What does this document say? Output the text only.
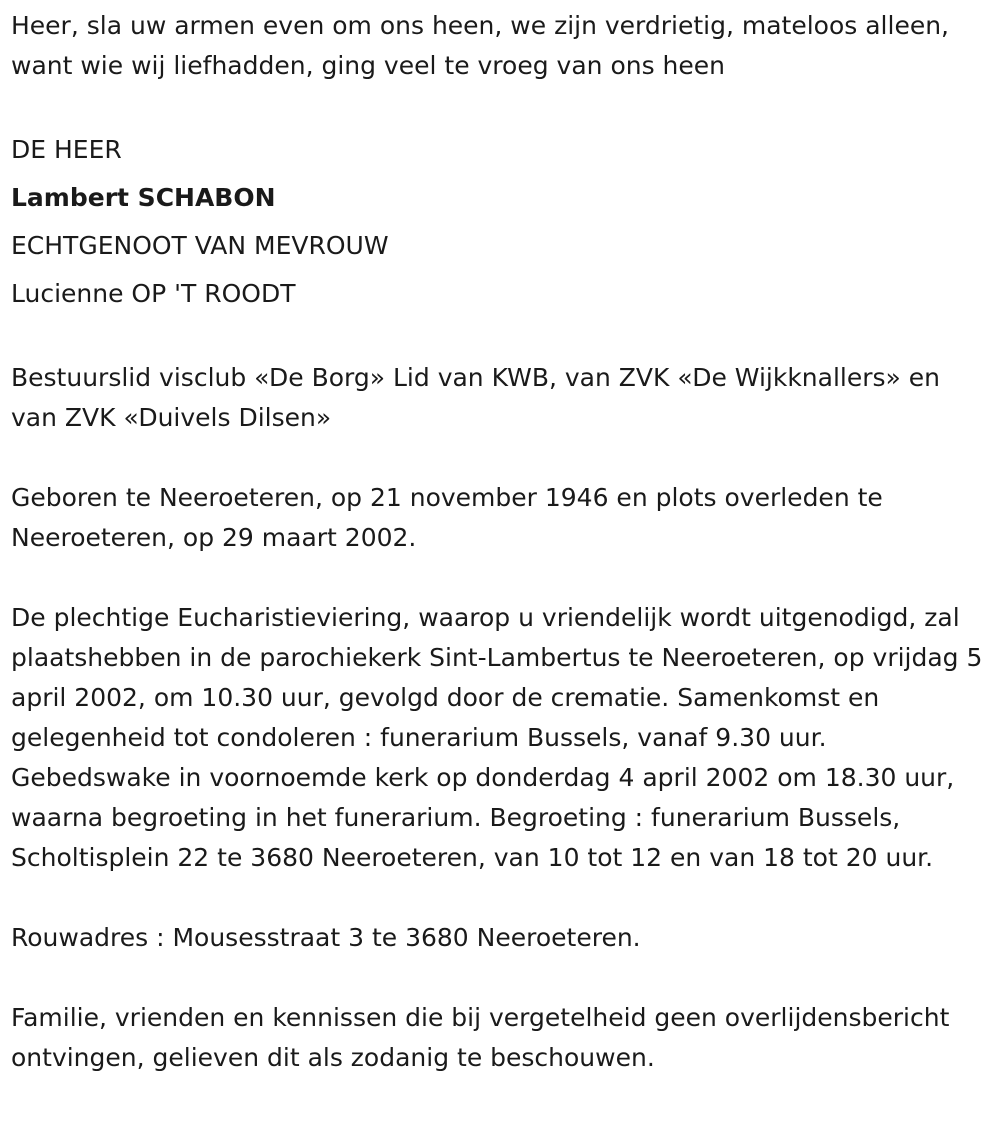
Heer, sla uw armen even om ons heen, we zijn verdrietig, mateloos alleen, want wie wij liefhadden, ging veel te vroeg van ons heen

DE HEER
Lambert SCHABON
ECHTGENOOT VAN MEVROUW
Lucienne OP 'T ROODT

Bestuurslid visclub «De Borg» Lid van KWB, van ZVK «De Wijkknallers» en van ZVK «Duivels Dilsen»

Geboren te Neeroeteren, op 21 november 1946 en plots overleden te Neeroeteren, op 29 maart 2002.

De plechtige Eucharistieviering, waarop u vriendelijk wordt uitgenodigd, zal plaatshebben in de parochiekerk Sint-Lambertus te Neeroeteren, op vrijdag 5 april 2002, om 10.30 uur, gevolgd door de crematie. Samenkomst en gelegenheid tot condoleren : funerarium Bussels, vanaf 9.30 uur. Gebedswake in voornoemde kerk op donderdag 4 april 2002 om 18.30 uur, waarna begroeting in het funerarium. Begroeting : funerarium Bussels, Scholtisplein 22 te 3680 Neeroeteren, van 10 tot 12 en van 18 tot 20 uur.

Rouwadres : Mousesstraat 3 te 3680 Neeroeteren.

Familie, vrienden en kennissen die bij vergetelheid geen overlijdensbericht ontvingen, gelieven dit als zodanig te beschouwen.
